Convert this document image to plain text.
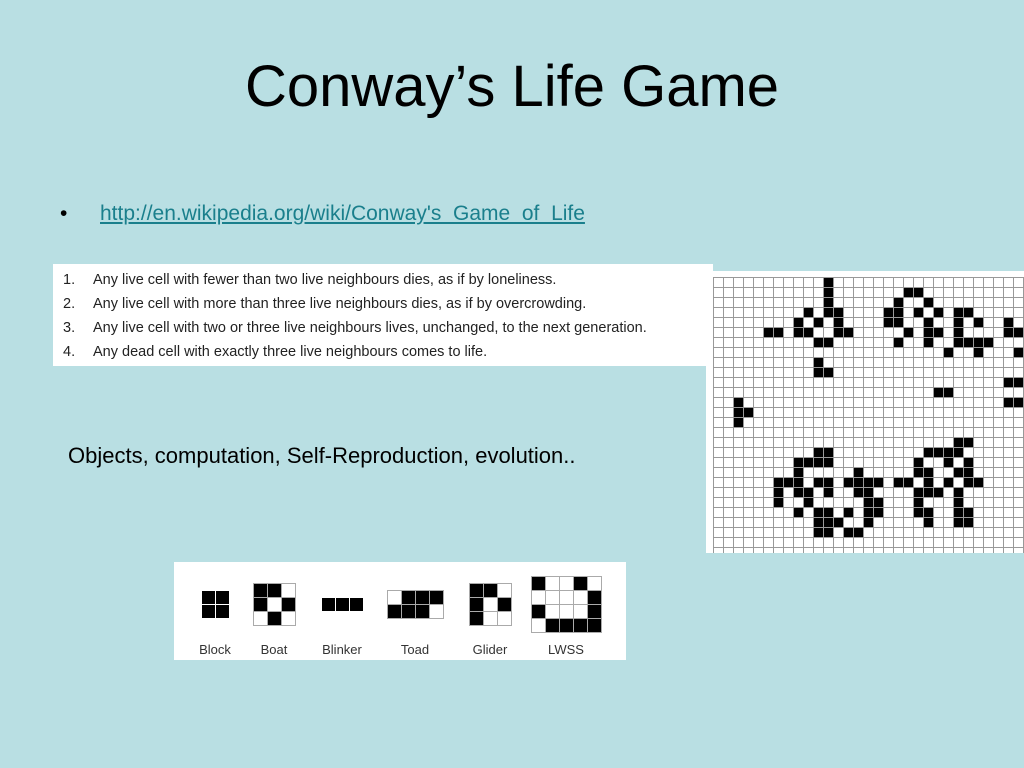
Conway’s Life Game
• http://en.wikipedia.org/wiki/Conway's_Game_of_Life
1.	Any live cell with fewer than two live neighbours dies, as if by loneliness.
2.	Any live cell with more than three live neighbours dies, as if by overcrowding.
3.	Any live cell with two or three live neighbours lives, unchanged, to the next generation.
4.	Any dead cell with exactly three live neighbours comes to life.
Objects, computation, Self-Reproduction, evolution..
Block Boat	Blinker	Toad	Glider	LWSS
